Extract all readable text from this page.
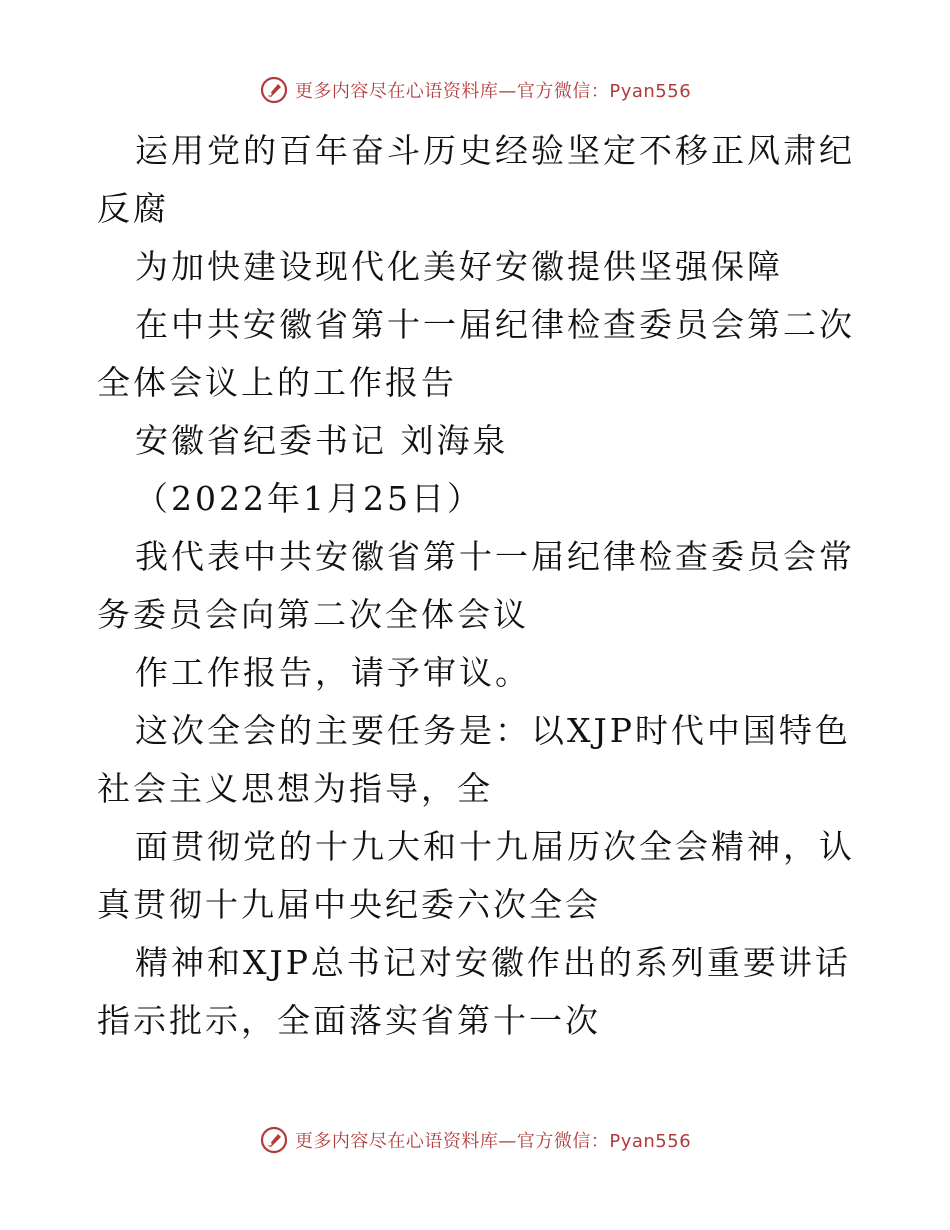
更多内容尽在心语资料库—官方微信：Pyan556

运用党的百年奋斗历史经验坚定不移正风肃纪反腐

为加快建设现代化美好安徽提供坚强保障

在中共安徽省第十一届纪律检查委员会第二次全体会议上的工作报告

安徽省纪委书记 刘海泉

（2022年1月25日）

我代表中共安徽省第十一届纪律检查委员会常务委员会向第二次全体会议

作工作报告，请予审议。

这次全会的主要任务是：以XJP时代中国特色社会主义思想为指导，全

面贯彻党的十九大和十九届历次全会精神，认真贯彻十九届中央纪委六次全会

精神和XJP总书记对安徽作出的系列重要讲话指示批示，全面落实省第十一次

更多内容尽在心语资料库—官方微信：Pyan556
